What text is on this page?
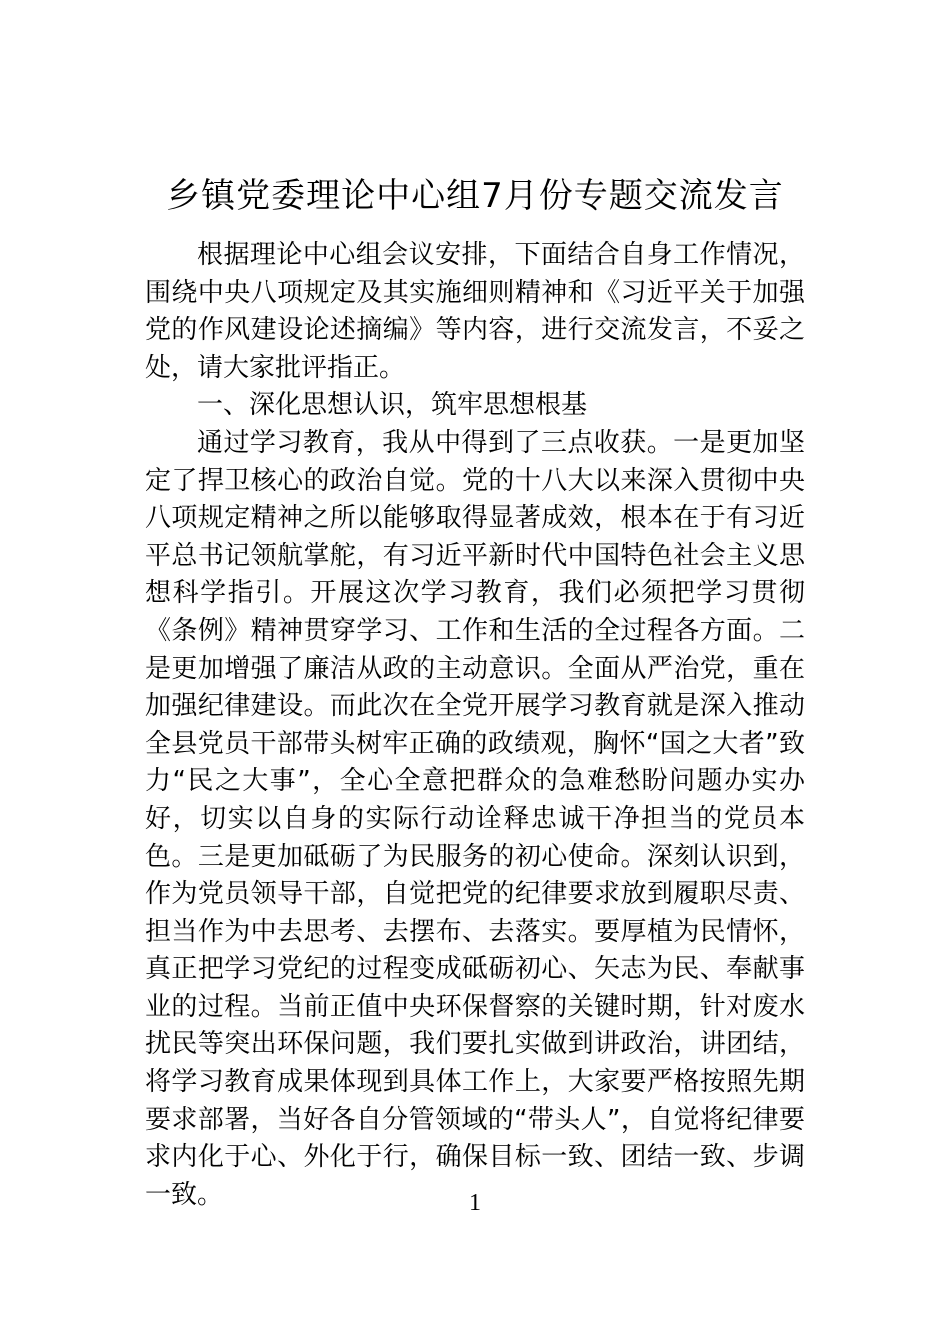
乡镇党委理论中心组7月份专题交流发言

根据理论中心组会议安排，下面结合自身工作情况，围绕中央八项规定及其实施细则精神和《习近平关于加强党的作风建设论述摘编》等内容，进行交流发言，不妥之处，请大家批评指正。

一、深化思想认识，筑牢思想根基

通过学习教育，我从中得到了三点收获。一是更加坚定了捍卫核心的政治自觉。党的十八大以来深入贯彻中央八项规定精神之所以能够取得显著成效，根本在于有习近平总书记领航掌舵，有习近平新时代中国特色社会主义思想科学指引。开展这次学习教育，我们必须把学习贯彻《条例》精神贯穿学习、工作和生活的全过程各方面。二是更加增强了廉洁从政的主动意识。全面从严治党，重在加强纪律建设。而此次在全党开展学习教育就是深入推动全县党员干部带头树牢正确的政绩观，胸怀“国之大者”致力“民之大事”，全心全意把群众的急难愁盼问题办实办好，切实以自身的实际行动诠释忠诚干净担当的党员本色。三是更加砥砺了为民服务的初心使命。深刻认识到，作为党员领导干部，自觉把党的纪律要求放到履职尽责、担当作为中去思考、去摆布、去落实。要厚植为民情怀，真正把学习党纪的过程变成砥砺初心、矢志为民、奉献事业的过程。当前正值中央环保督察的关键时期，针对废水扰民等突出环保问题，我们要扎实做到讲政治，讲团结，将学习教育成果体现到具体工作上，大家要严格按照先期要求部署，当好各自分管领域的“带头人”，自觉将纪律要求内化于心、外化于行，确保目标一致、团结一致、步调一致。	1
